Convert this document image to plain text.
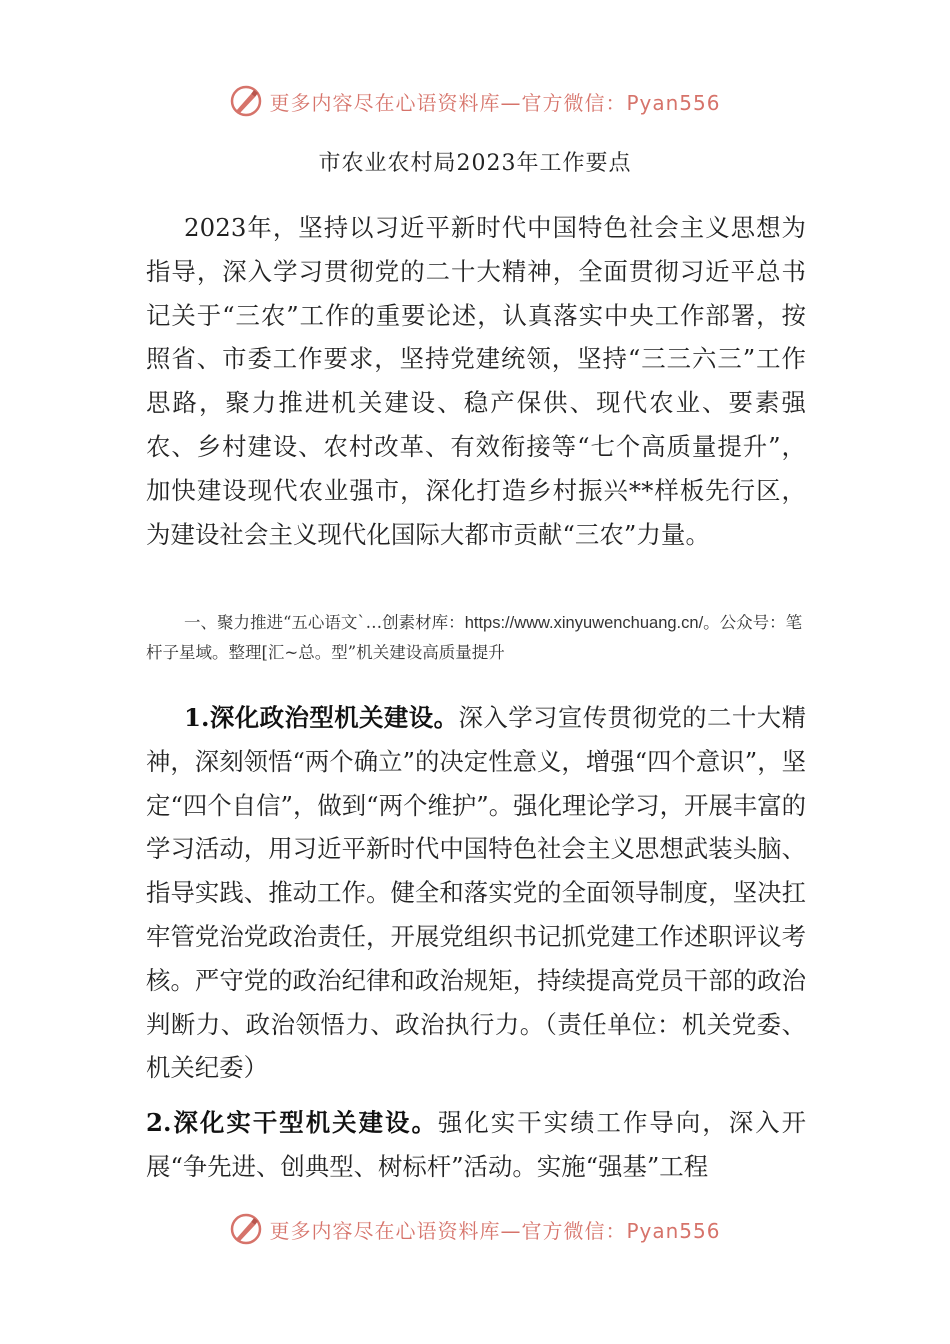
更多内容尽在心语资料库—官方微信：Pyan556
市农业农村局2023年工作要点

2023年，坚持以习近平新时代中国特色社会主义思想为指导，深入学习贯彻党的二十大精神，全面贯彻习近平总书记关于“三农”工作的重要论述，认真落实中央工作部署，按照省、市委工作要求，坚持党建统领，坚持“三三六三”工作思路，聚力推进机关建设、稳产保供、现代农业、要素强农、乡村建设、农村改革、有效衔接等“七个高质量提升”，加快建设现代农业强市，深化打造乡村振兴**样板先行区，为建设社会主义现代化国际大都市贡献“三农”力量。

一、聚力推进“五心语文`…创素材库：https://www.xinyuwenchuang.cn/。公众号：笔杆子星域。整理[汇~总。型”机关建设高质量提升

1.深化政治型机关建设。深入学习宣传贯彻党的二十大精神，深刻领悟“两个确立”的决定性意义，增强“四个意识”，坚定“四个自信”，做到“两个维护”。强化理论学习，开展丰富的学习活动，用习近平新时代中国特色社会主义思想武装头脑、指导实践、推动工作。健全和落实党的全面领导制度，坚决扛牢管党治党政治责任，开展党组织书记抓党建工作述职评议考核。严守党的政治纪律和政治规矩，持续提高党员干部的政治判断力、政治领悟力、政治执行力。（责任单位：机关党委、机关纪委）

2.深化实干型机关建设。强化实干实绩工作导向，深入开展“争先进、创典型、树标杆”活动。实施“强基”工程

更多内容尽在心语资料库—官方微信：Pyan556
